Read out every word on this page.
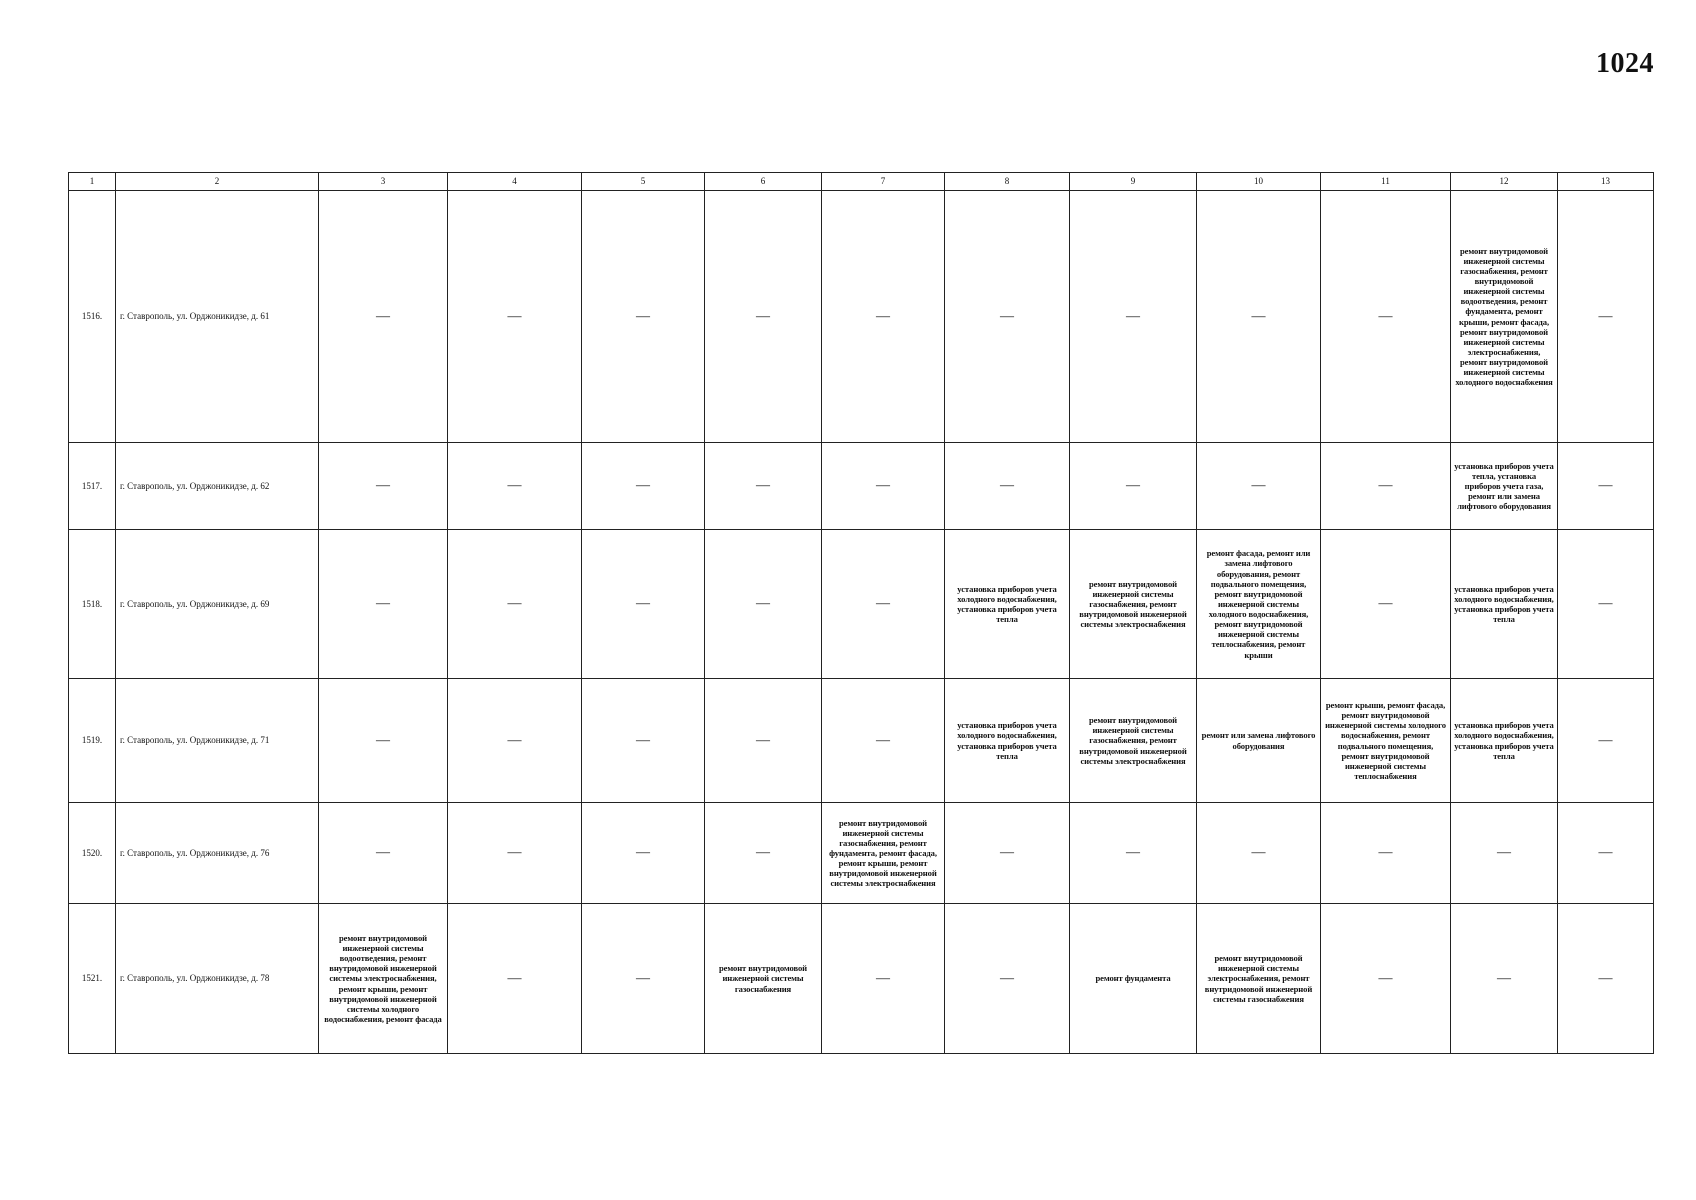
1024
1	2	3	4	5	6	7	8	9	10	11	12	13
1516.	г. Ставрополь, ул. Орджоникидзе, д. 61	—	—	—	—	—	—	—	—	—	ремонт внутридомовой инженерной системы газоснабжения, ремонт внутридомовой инженерной системы водоотведения, ремонт фундамента, ремонт крыши, ремонт фасада, ремонт внутридомовой инженерной системы электроснабжения, ремонт внутридомовой инженерной системы холодного водоснабжения	—
1517.	г. Ставрополь, ул. Орджоникидзе, д. 62	—	—	—	—	—	—	—	—	—	установка приборов учета тепла, установка приборов учета газа, ремонт или замена лифтового оборудования	—
1518.	г. Ставрополь, ул. Орджоникидзе, д. 69	—	—	—	—	—	установка приборов учета холодного водоснабжения, установка приборов учета тепла	ремонт внутридомовой инженерной системы газоснабжения, ремонт внутридомовой инженерной системы электроснабжения	ремонт фасада, ремонт или замена лифтового оборудования, ремонт подвального помещения, ремонт внутридомовой инженерной системы холодного водоснабжения, ремонт внутридомовой инженерной системы теплоснабжения, ремонт крыши	—	установка приборов учета холодного водоснабжения, установка приборов учета тепла	—
1519.	г. Ставрополь, ул. Орджоникидзе, д. 71	—	—	—	—	—	установка приборов учета холодного водоснабжения, установка приборов учета тепла	ремонт внутридомовой инженерной системы газоснабжения, ремонт внутридомовой инженерной системы электроснабжения	ремонт или замена лифтового оборудования	ремонт крыши, ремонт фасада, ремонт внутридомовой инженерной системы холодного водоснабжения, ремонт подвального помещения, ремонт внутридомовой инженерной системы теплоснабжения	установка приборов учета холодного водоснабжения, установка приборов учета тепла	—
1520.	г. Ставрополь, ул. Орджоникидзе, д. 76	—	—	—	—	ремонт внутридомовой инженерной системы газоснабжения, ремонт фундамента, ремонт фасада, ремонт крыши, ремонт внутридомовой инженерной системы электроснабжения	—	—	—	—	—	—
1521.	г. Ставрополь, ул. Орджоникидзе, д. 78	ремонт внутридомовой инженерной системы водоотведения, ремонт внутридомовой инженерной системы электроснабжения, ремонт крыши, ремонт внутридомовой инженерной системы холодного водоснабжения, ремонт фасада	—	—	ремонт внутридомовой инженерной системы газоснабжения	—	—	ремонт фундамента	ремонт внутридомовой инженерной системы электроснабжения, ремонт внутридомовой инженерной системы газоснабжения	—	—	—
